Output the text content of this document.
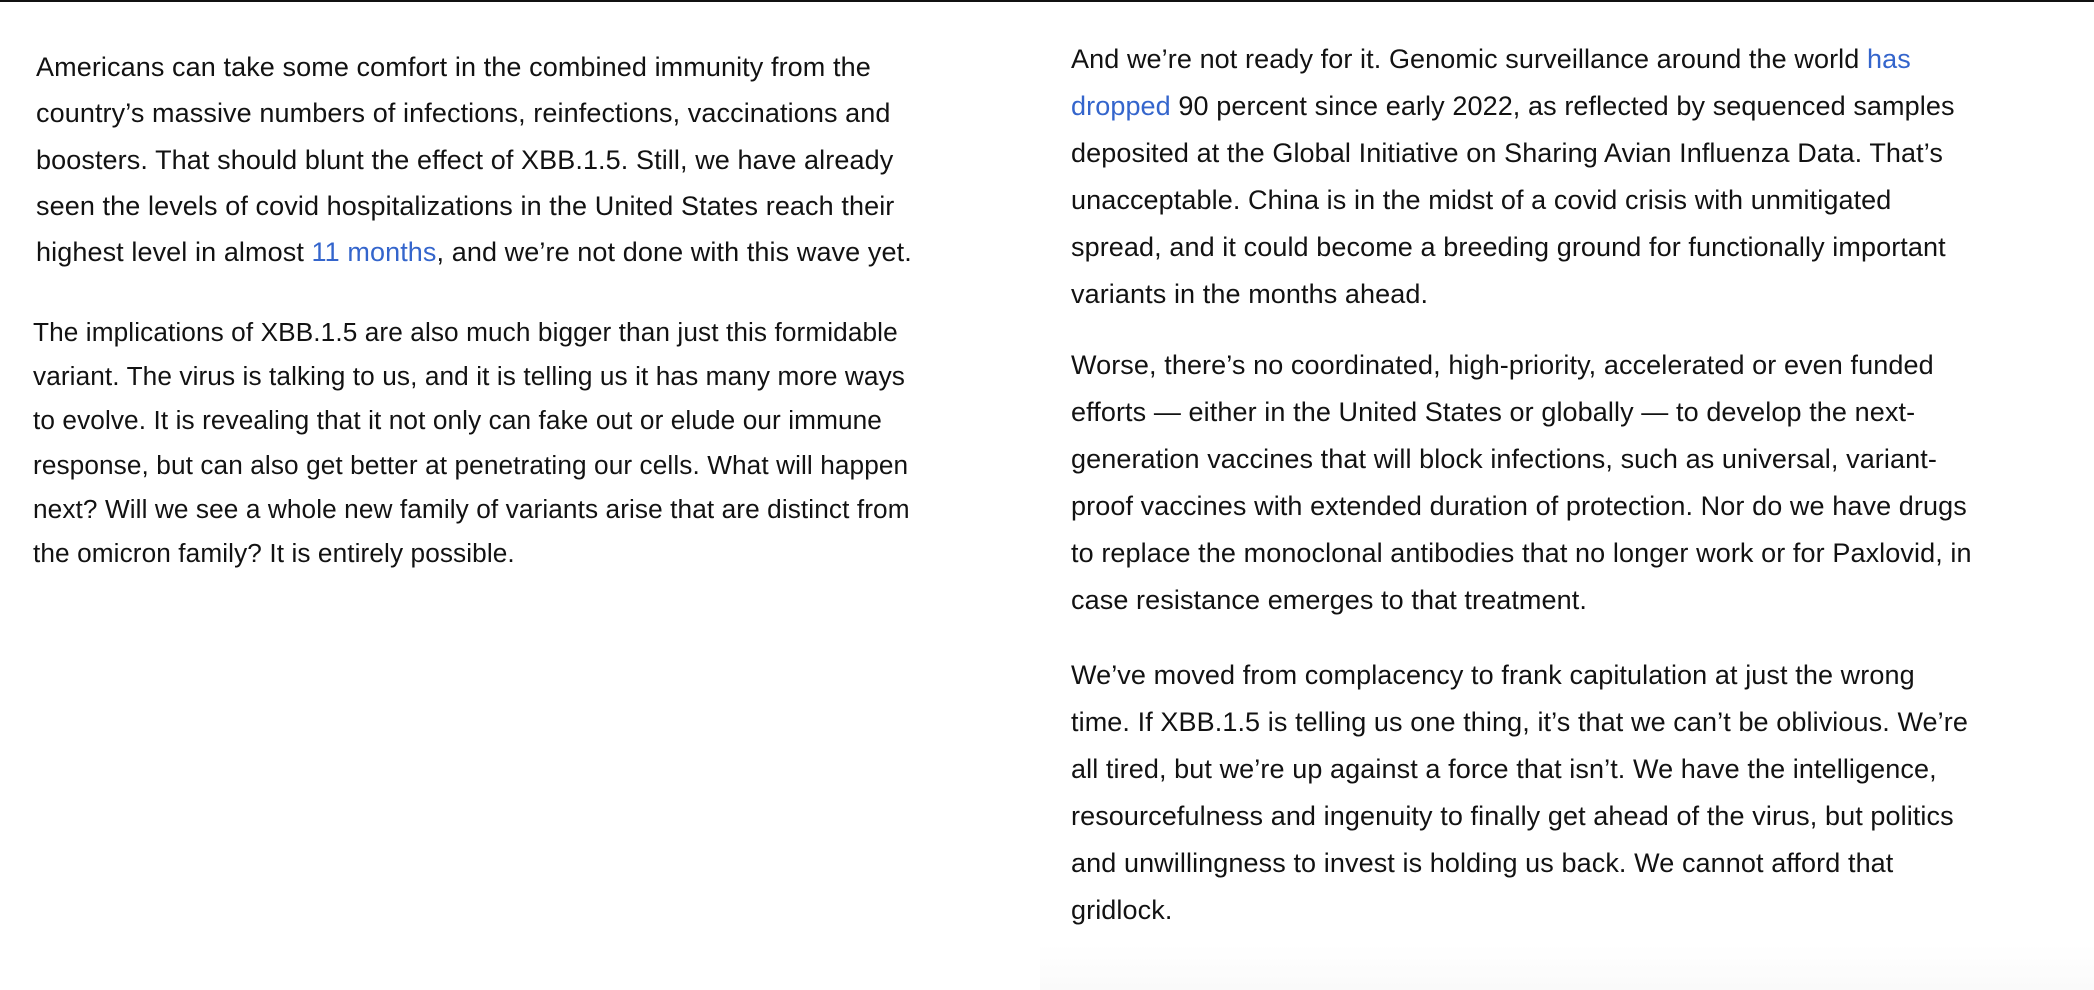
Americans can take some comfort in the combined immunity from the
country’s massive numbers of infections, reinfections, vaccinations and
boosters. That should blunt the effect of XBB.1.5. Still, we have already
seen the levels of covid hospitalizations in the United States reach their
highest level in almost 11 months, and we’re not done with this wave yet.

The implications of XBB.1.5 are also much bigger than just this formidable
variant. The virus is talking to us, and it is telling us it has many more ways
to evolve. It is revealing that it not only can fake out or elude our immune
response, but can also get better at penetrating our cells. What will happen
next? Will we see a whole new family of variants arise that are distinct from
the omicron family? It is entirely possible.

And we’re not ready for it. Genomic surveillance around the world has
dropped 90 percent since early 2022, as reflected by sequenced samples
deposited at the Global Initiative on Sharing Avian Influenza Data. That’s
unacceptable. China is in the midst of a covid crisis with unmitigated
spread, and it could become a breeding ground for functionally important
variants in the months ahead.

Worse, there’s no coordinated, high-priority, accelerated or even funded
efforts — either in the United States or globally — to develop the next-
generation vaccines that will block infections, such as universal, variant-
proof vaccines with extended duration of protection. Nor do we have drugs
to replace the monoclonal antibodies that no longer work or for Paxlovid, in
case resistance emerges to that treatment.

We’ve moved from complacency to frank capitulation at just the wrong
time. If XBB.1.5 is telling us one thing, it’s that we can’t be oblivious. We’re
all tired, but we’re up against a force that isn’t. We have the intelligence,
resourcefulness and ingenuity to finally get ahead of the virus, but politics
and unwillingness to invest is holding us back. We cannot afford that
gridlock.
